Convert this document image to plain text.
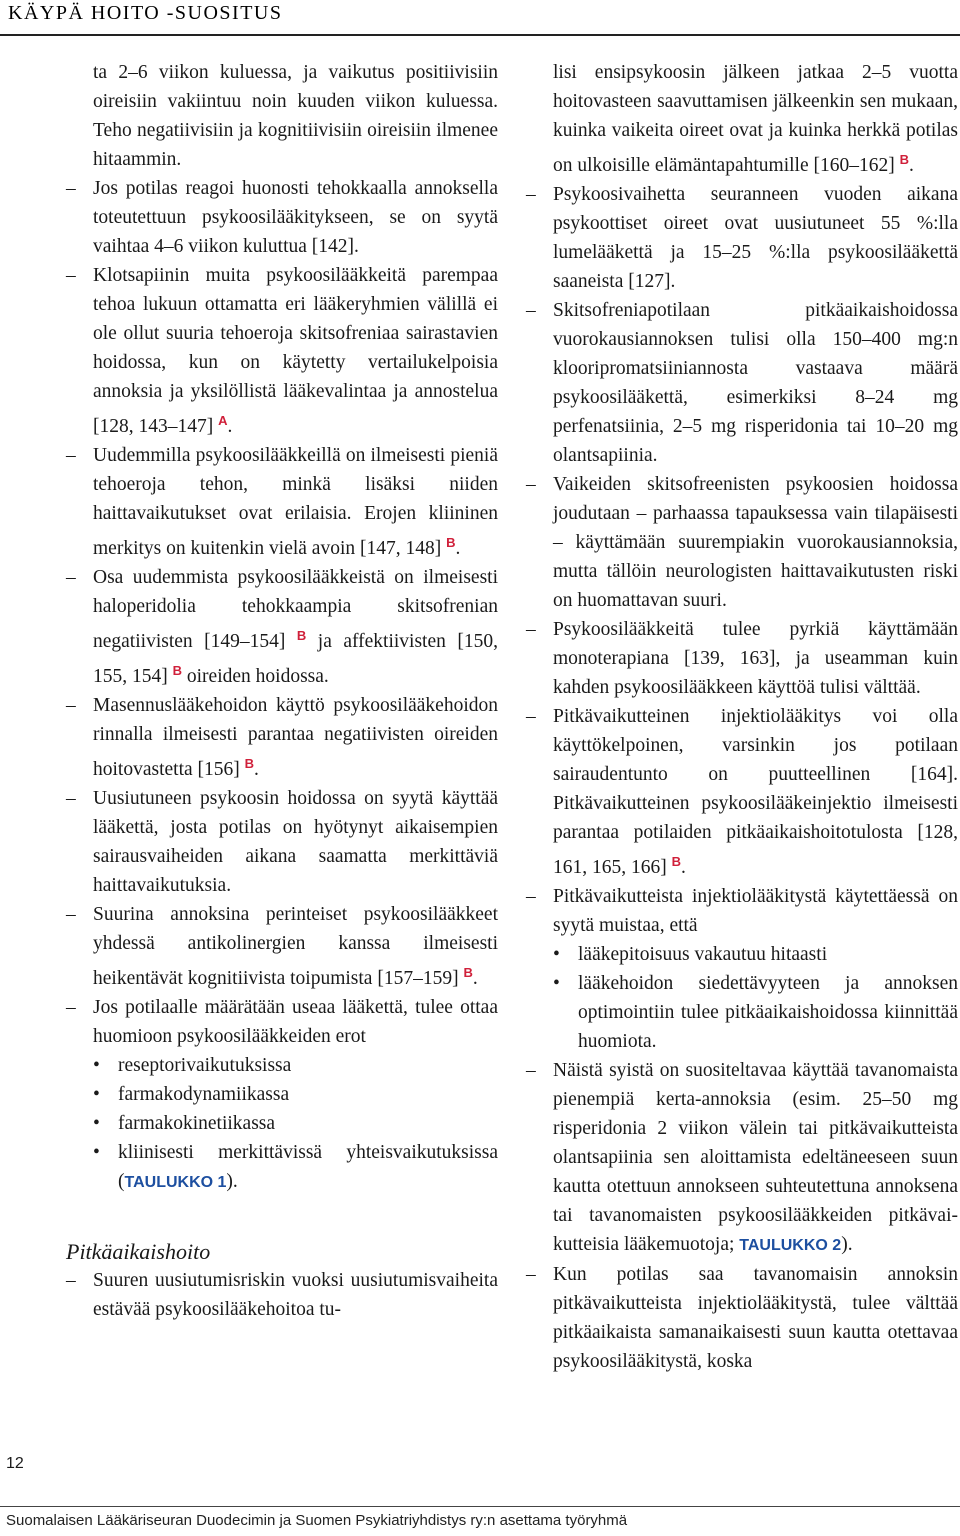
KÄYPÄ HOITO -SUOSITUS

ta 2–6 viikon kuluessa, ja vaikutus positiivisiin oireisiin vakiintuu noin kuuden viikon kuluessa. Teho negatiivisiin ja kognitiivisiin oireisiin ilmenee hitaammin.

– Jos potilas reagoi huonosti tehokkaalla annoksella toteutettuun psykoosilääkitykseen, se on syytä vaihtaa 4–6 viikon kuluttua [142].

– Klotsapiinin muita psykoosilääkkeitä parempaa tehoa lukuun ottamatta eri lääkeryhmien välillä ei ole ollut suuria tehoeroja skitsofreniaa sairastavien hoidossa, kun on käytetty vertailukelpoisia annoksia ja yksilöllistä lääkevalintaa ja annostelua [128, 143–147] $^A$.

– Uudemmilla psykoosilääkkeillä on ilmeisesti pieniä tehoeroja tehon, minkä lisäksi niiden haittavaikutukset ovat erilaisia. Erojen kliininen merkitys on kuitenkin vielä avoin [147, 148] $^B$.

– Osa uudemmista psykoosilääkkeistä on ilmeisesti haloperidolia tehokkaampia skitsofrenian negatiivisten [149–154] $^B$ ja affektiivisten [150, 155, 154] $^B$ oireiden hoidossa.

– Masennuslääkehoidon käyttö psykoosilääkehoidon rinnalla ilmeisesti parantaa negatiivisten oireiden hoitovastetta [156] $^B$.

– Uusiutuneen psykoosin hoidossa on syytä käyttää lääkettä, josta potilas on hyötynyt aikaisempien sairausvaiheiden aikana saamatta merkittäviä haittavaikutuksia.

– Suurina annoksina perinteiset psykoosilääkkeet yhdessä antikolinergien kanssa ilmeisesti heikentävät kognitiivista toipumista [157–159] $^B$.

– Jos potilaalle määrätään useaa lääkettä, tulee ottaa huomioon psykoosilääkkeiden erot

• reseptorivaikutuksissa

• farmakodynamiikassa

• farmakokinetiikassa

• kliinisesti merkittävissä yhteisvaikutuksissa (TAULUKKO 1).

Pitkäaikaishoito

– Suuren uusiutumisriskin vuoksi uusiutumisvaiheita estävää psykoosilääkehoitoa tu-

lisi ensipsykoosin jälkeen jatkaa 2–5 vuotta hoitovasteen saavuttamisen jälkeenkin sen mukaan, kuinka vaikeita oireet ovat ja kuinka herkkä potilas on ulkoisille elämäntapahtumille [160–162] $^B$.

– Psykoosivaihetta seuranneen vuoden aikana psykoottiset oireet ovat uusiutuneet 55 %:lla lumelääkettä ja 15–25 %:lla psykoosilääkettä saaneista [127].

– Skitsofreniapotilaan pitkäaikaishoidossa vuorokausiannoksen tulisi olla 150–400 mg:n klooripromatsiiniannosta vastaava määrä psykoosilääkettä, esimerkiksi 8–24 mg perfenatsiinia, 2–5 mg risperidonia tai 10–20 mg olantsapiinia.

– Vaikeiden skitsofreenisten psykoosien hoidossa joudutaan – parhaassa tapauksessa vain tilapäisesti – käyttämään suurempiakin vuorokausiannoksia, mutta tällöin neurologisten haittavaikutusten riski on huomattavan suuri.

– Psykoosilääkkeitä tulee pyrkiä käyttämään monoterapiana [139, 163], ja useamman kuin kahden psykoosilääkkeen käyttöä tulisi välttää.

– Pitkävaikutteinen injektiolääkitys voi olla käyttökelpoinen, varsinkin jos potilaan sairaudentunto on puutteellinen [164]. Pitkävaikutteinen psykoosilääkeinjektio ilmeisesti parantaa potilaiden pitkäaikaishoitotulosta [128, 161, 165, 166] $^B$.

– Pitkävaikutteista injektiolääkitystä käytettäessä on syytä muistaa, että

• lääkepitoisuus vakautuu hitaasti

• lääkehoidon siedettävyyteen ja annoksen optimointiin tulee pitkäaikaishoidossa kiinnittää huomiota.

– Näistä syistä on suositeltavaa käyttää tavanomaista pienempiä kerta-annoksia (esim. 25–50 mg risperidonia 2 viikon välein tai pitkävaikutteista olantsapiinia sen aloittamista edeltäneeseen suun kautta otettuun annokseen suhteutettuna annoksena tai tavanomaisten psykoosilääkkeiden pitkävaikutteisia lääkemuotoja; TAULUKKO 2).

– Kun potilas saa tavanomaisin annoksin pitkävaikutteista injektiolääkitystä, tulee välttää pitkäaikaista samanaikaisesti suun kautta otettavaa psykoosilääkitystä, koska

12
Suomalaisen Lääkäriseuran Duodecimin ja Suomen Psykiatriyhdistys ry:n asettama työryhmä
